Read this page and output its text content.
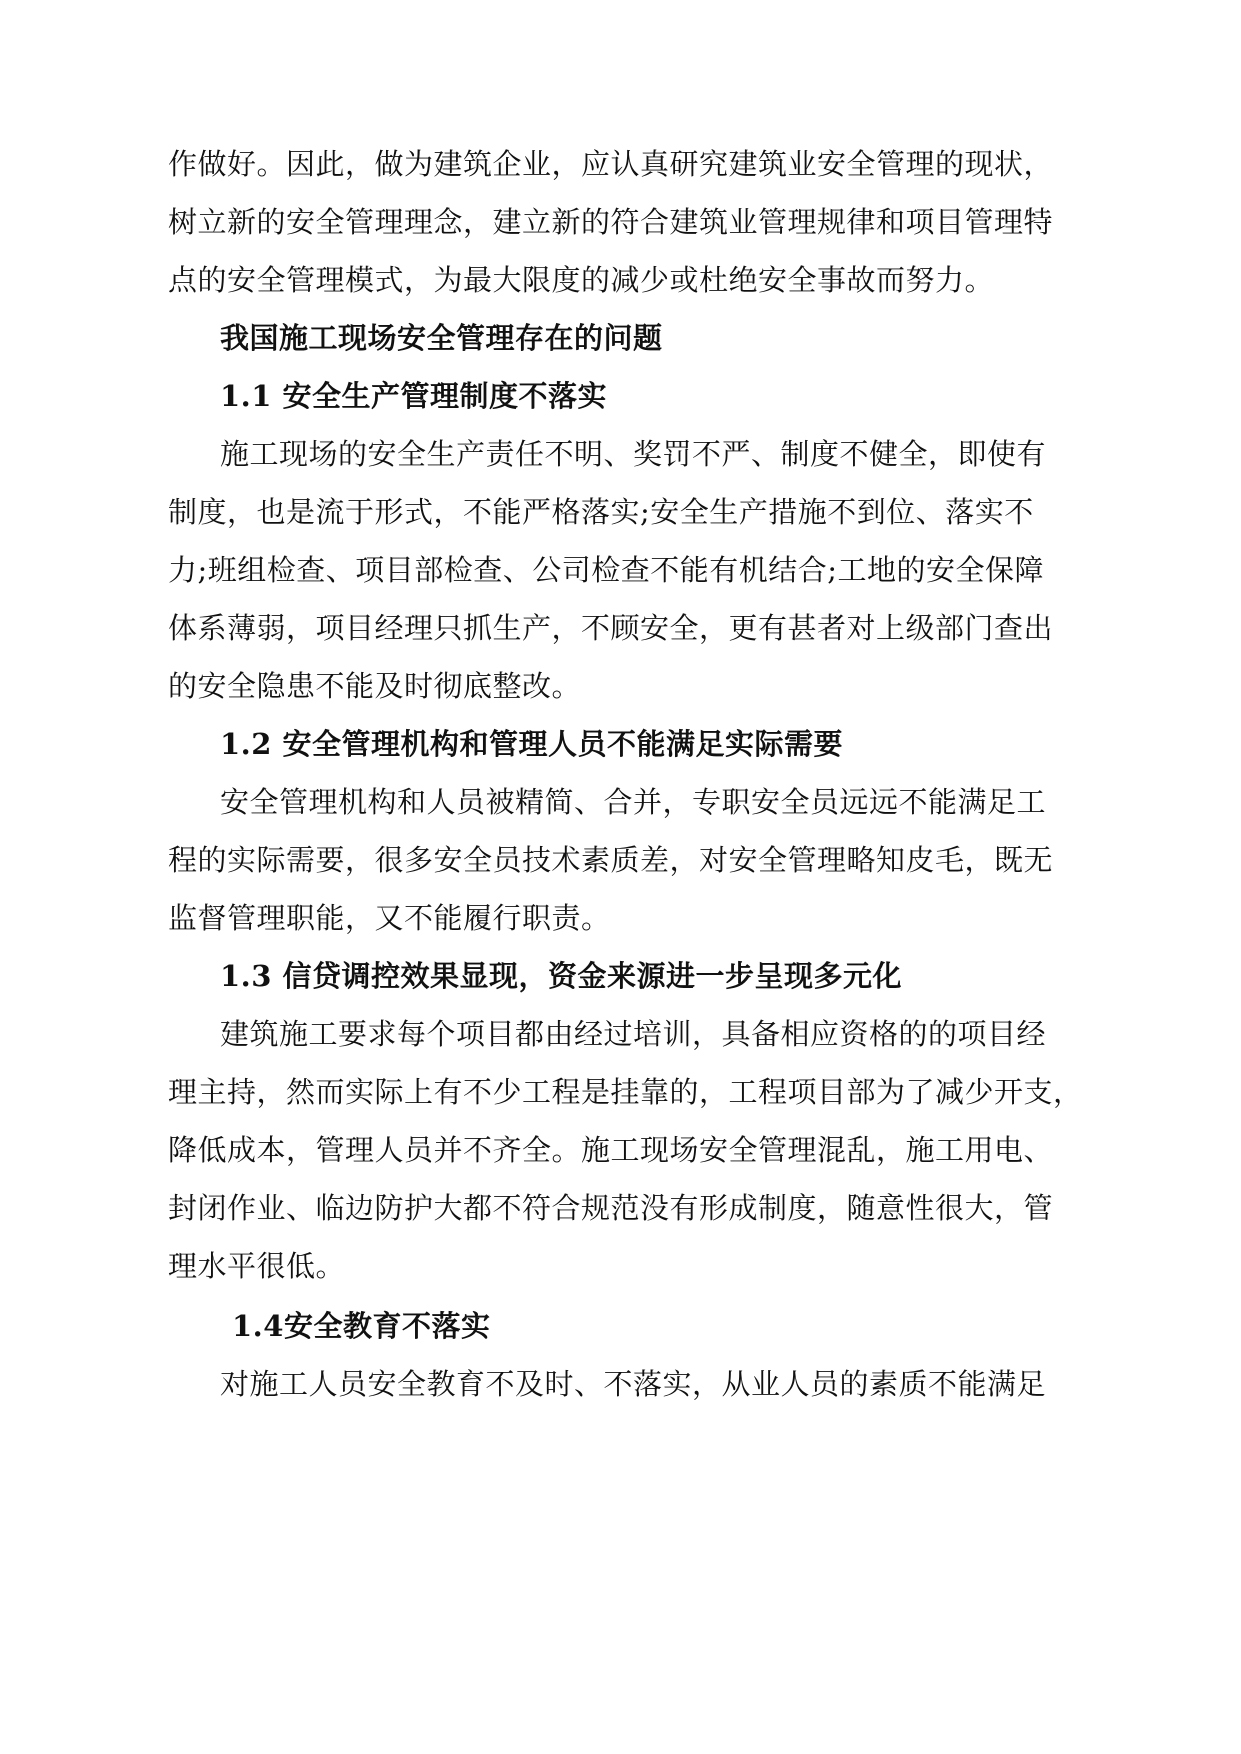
作做好。因此，做为建筑企业，应认真研究建筑业安全管理的现状，
树立新的安全管理理念，建立新的符合建筑业管理规律和项目管理特
点的安全管理模式，为最大限度的减少或杜绝安全事故而努力。
我国施工现场安全管理存在的问题
1.1 安全生产管理制度不落实
施工现场的安全生产责任不明、奖罚不严、制度不健全，即使有
制度，也是流于形式，不能严格落实;安全生产措施不到位、落实不
力;班组检查、项目部检查、公司检查不能有机结合;工地的安全保障
体系薄弱，项目经理只抓生产，不顾安全，更有甚者对上级部门查出
的安全隐患不能及时彻底整改。
1.2 安全管理机构和管理人员不能满足实际需要
安全管理机构和人员被精简、合并，专职安全员远远不能满足工
程的实际需要，很多安全员技术素质差，对安全管理略知皮毛，既无
监督管理职能，又不能履行职责。
1.3 信贷调控效果显现，资金来源进一步呈现多元化
建筑施工要求每个项目都由经过培训，具备相应资格的的项目经
理主持，然而实际上有不少工程是挂靠的，工程项目部为了减少开支，
降低成本，管理人员并不齐全。施工现场安全管理混乱，施工用电、
封闭作业、临边防护大都不符合规范没有形成制度，随意性很大，管
理水平很低。
1.4安全教育不落实
对施工人员安全教育不及时、不落实，从业人员的素质不能满足
